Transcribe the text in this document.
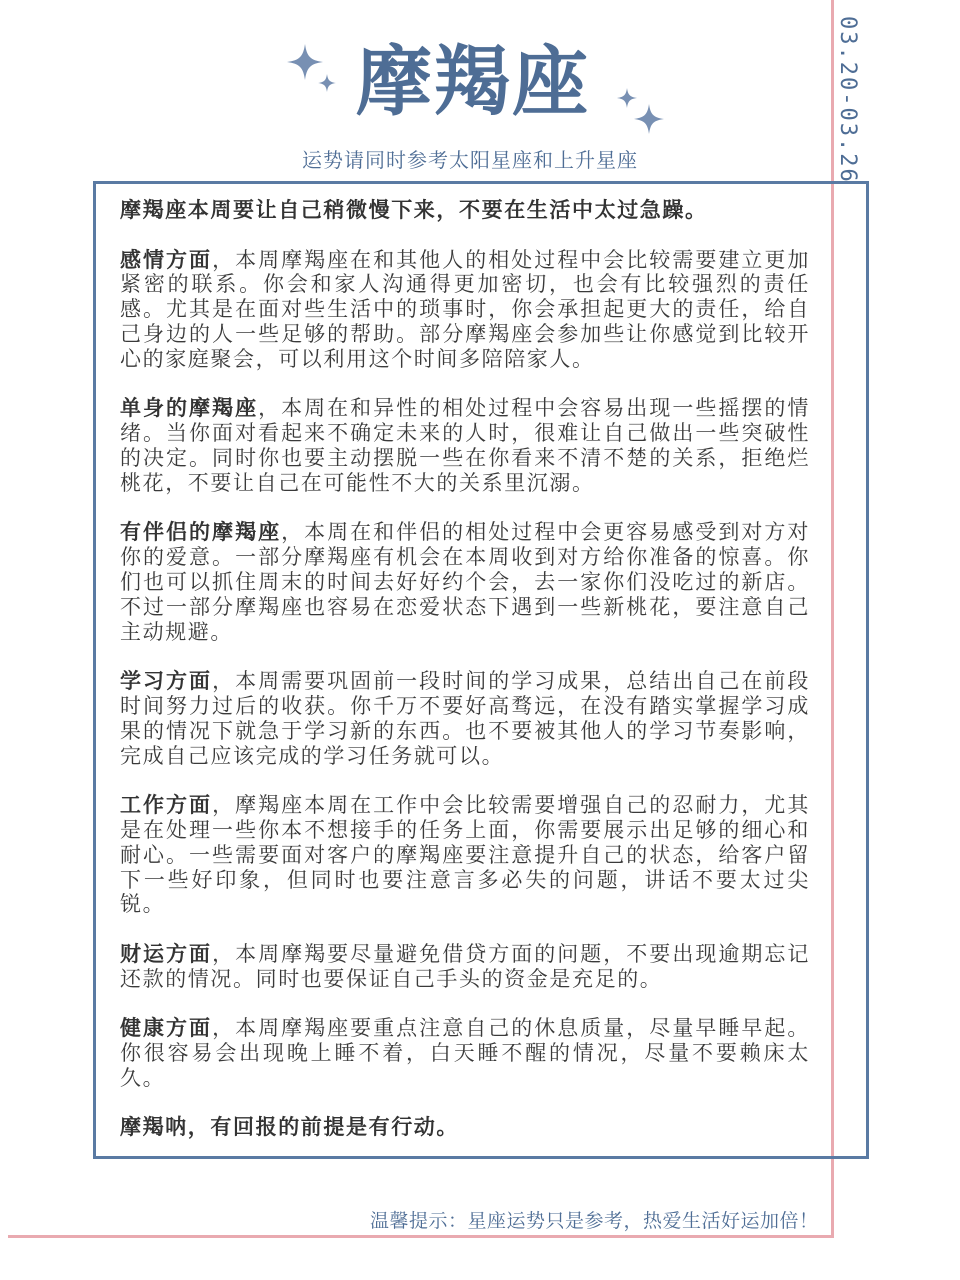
03.20-03.26
摩羯座
运势请同时参考太阳星座和上升星座

摩羯座本周要让自己稍微慢下来，不要在生活中太过急躁。

感情方面，本周摩羯座在和其他人的相处过程中会比较需要建立更加紧密的联系。你会和家人沟通得更加密切，也会有比较强烈的责任感。尤其是在面对些生活中的琐事时，你会承担起更大的责任，给自己身边的人一些足够的帮助。部分摩羯座会参加些让你感觉到比较开心的家庭聚会，可以利用这个时间多陪陪家人。

单身的摩羯座，本周在和异性的相处过程中会容易出现一些摇摆的情绪。当你面对看起来不确定未来的人时，很难让自己做出一些突破性的决定。同时你也要主动摆脱一些在你看来不清不楚的关系，拒绝烂桃花，不要让自己在可能性不大的关系里沉溺。

有伴侣的摩羯座，本周在和伴侣的相处过程中会更容易感受到对方对你的爱意。一部分摩羯座有机会在本周收到对方给你准备的惊喜。你们也可以抓住周末的时间去好好约个会，去一家你们没吃过的新店。不过一部分摩羯座也容易在恋爱状态下遇到一些新桃花，要注意自己主动规避。

学习方面，本周需要巩固前一段时间的学习成果，总结出自己在前段时间努力过后的收获。你千万不要好高骛远，在没有踏实掌握学习成果的情况下就急于学习新的东西。也不要被其他人的学习节奏影响，完成自己应该完成的学习任务就可以。

工作方面，摩羯座本周在工作中会比较需要增强自己的忍耐力，尤其是在处理一些你本不想接手的任务上面，你需要展示出足够的细心和耐心。一些需要面对客户的摩羯座要注意提升自己的状态，给客户留下一些好印象，但同时也要注意言多必失的问题，讲话不要太过尖锐。

财运方面，本周摩羯要尽量避免借贷方面的问题，不要出现逾期忘记还款的情况。同时也要保证自己手头的资金是充足的。

健康方面，本周摩羯座要重点注意自己的休息质量，尽量早睡早起。你很容易会出现晚上睡不着，白天睡不醒的情况，尽量不要赖床太久。

摩羯呐，有回报的前提是有行动。

温馨提示：星座运势只是参考，热爱生活好运加倍！
